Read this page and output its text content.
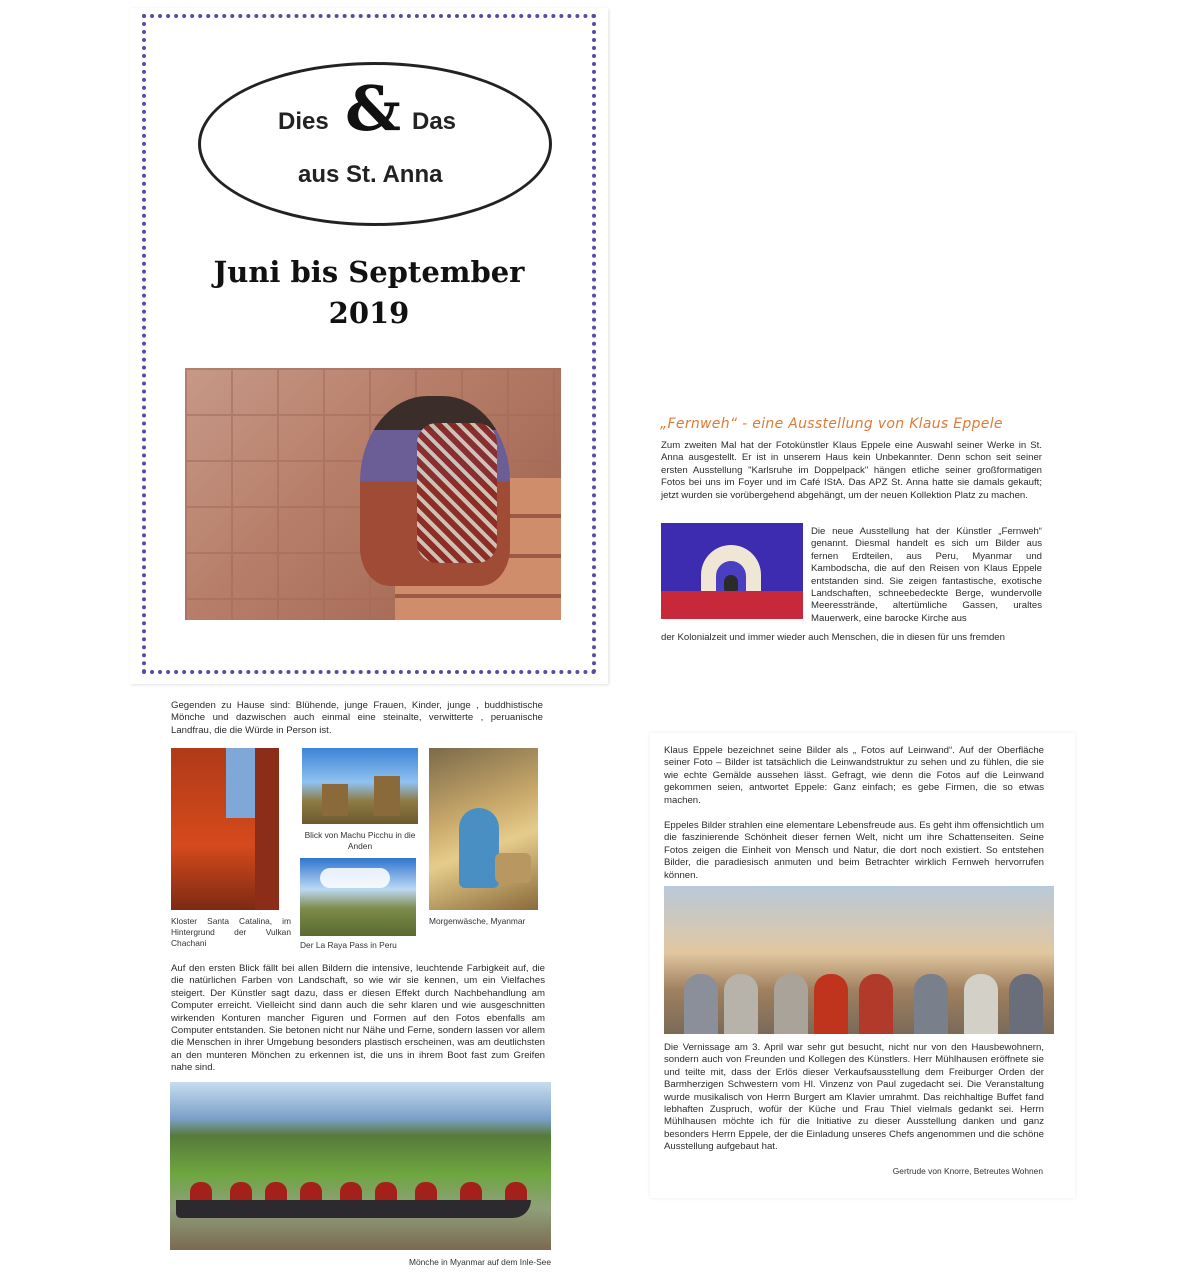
Dies & Das
aus St. Anna
Juni bis September
2019
„Fernweh“ - eine Ausstellung von Klaus Eppele
Zum zweiten Mal hat der Fotokünstler Klaus Eppele eine Auswahl seiner Werke in St. Anna ausgestellt. Er ist in unserem Haus kein Unbekannter. Denn schon seit seiner ersten Ausstellung "Karlsruhe im Doppelpack" hängen etliche seiner großformatigen Fotos bei uns im Foyer und im Café IStA. Das APZ St. Anna hatte sie damals gekauft; jetzt wurden sie vorübergehend abgehängt, um der neuen Kollektion Platz zu machen.
Die neue Ausstellung hat der Künstler „Fernweh“ genannt. Diesmal handelt es sich um Bilder aus fernen Erdteilen, aus Peru, Myanmar und Kambodscha, die auf den Reisen von Klaus Eppele entstanden sind. Sie zeigen fantastische, exotische Landschaften, schneebedeckte Berge, wundervolle Meeresstrände, altertümliche Gassen, uraltes Mauerwerk, eine barocke Kirche aus
der Kolonialzeit und immer wieder auch Menschen, die in diesen für uns fremden
Gegenden zu Hause sind: Blühende, junge Frauen, Kinder, junge , buddhistische Mönche und dazwischen auch einmal eine steinalte, verwitterte , peruanische Landfrau, die die Würde in Person ist.
Kloster Santa Catalina, im Hintergrund der Vulkan Chachani
Blick von Machu Picchu in die Anden
Der La Raya Pass in Peru
Morgenwäsche, Myanmar
Auf den ersten Blick fällt bei allen Bildern die intensive, leuchtende Farbigkeit auf, die die natürlichen Farben von Landschaft, so wie wir sie kennen, um ein Vielfaches steigert. Der Künstler sagt dazu, dass er diesen Effekt durch Nachbehandlung am Computer erreicht. Vielleicht sind dann auch die sehr klaren und wie ausgeschnitten wirkenden Konturen mancher Figuren und Formen auf den Fotos ebenfalls am Computer entstanden. Sie betonen nicht nur Nähe und Ferne, sondern lassen vor allem die Menschen in ihrer Umgebung besonders plastisch erscheinen, was am deutlichsten an den munteren Mönchen zu erkennen ist, die uns in ihrem Boot fast zum Greifen nahe sind.
Mönche in Myanmar auf dem Inle-See
Klaus Eppele bezeichnet seine Bilder als „ Fotos auf Leinwand“. Auf der Oberfläche seiner Foto – Bilder ist tatsächlich die Leinwandstruktur zu sehen und zu fühlen, die sie wie echte Gemälde aussehen lässt. Gefragt, wie denn die Fotos auf die Leinwand gekommen seien, antwortet Eppele: Ganz einfach; es gebe Firmen, die so etwas machen.
Eppeles Bilder strahlen eine elementare Lebensfreude aus. Es geht ihm offensichtlich um die faszinierende Schönheit dieser fernen Welt, nicht um ihre Schattenseiten. Seine Fotos zeigen die Einheit von Mensch und Natur, die dort noch existiert. So entstehen Bilder, die paradiesisch anmuten und beim Betrachter wirklich Fernweh hervorrufen können.
Die Vernissage am 3. April war sehr gut besucht, nicht nur von den Hausbewohnern, sondern auch von Freunden und Kollegen des Künstlers. Herr Mühlhausen eröffnete sie und teilte mit, dass der Erlös dieser Verkaufsausstellung dem Freiburger Orden der Barmherzigen Schwestern vom Hl. Vinzenz von Paul zugedacht sei. Die Veranstaltung wurde musikalisch von Herrn Burgert am Klavier umrahmt. Das reichhaltige Buffet fand lebhaften Zuspruch, wofür der Küche und Frau Thiel vielmals gedankt sei. Herrn Mühlhausen möchte ich für die Initiative zu dieser Ausstellung danken und ganz besonders Herrn Eppele, der die Einladung unseres Chefs angenommen und die schöne Ausstellung aufgebaut hat.
Gertrude von Knorre, Betreutes Wohnen
